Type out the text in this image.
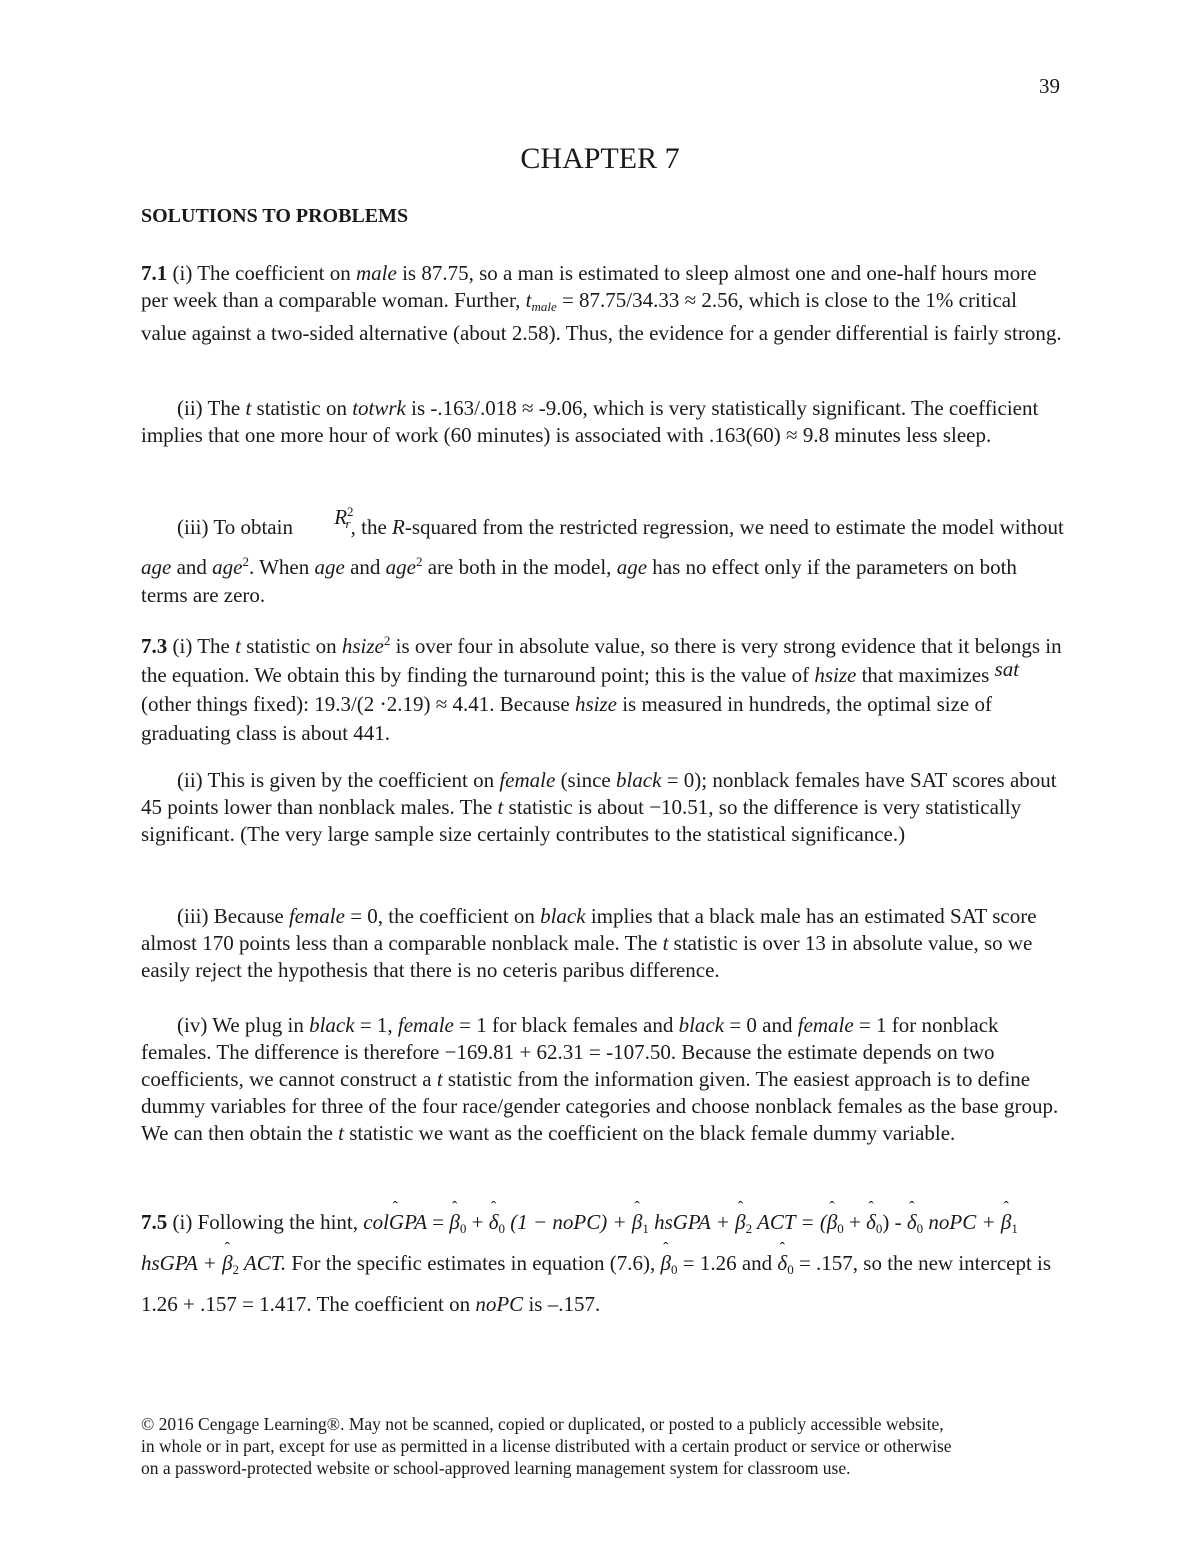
39
CHAPTER 7
SOLUTIONS TO PROBLEMS
7.1 (i) The coefficient on male is 87.75, so a man is estimated to sleep almost one and one-half hours more per week than a comparable woman. Further, $t_{male} = 87.75/34.33 \approx 2.56$, which is close to the 1% critical value against a two-sided alternative (about 2.58). Thus, the evidence for a gender differential is fairly strong.
(ii) The t statistic on totwrk is -.163/.018 ≈ -9.06, which is very statistically significant. The coefficient implies that one more hour of work (60 minutes) is associated with .163(60) ≈ 9.8 minutes less sleep.
(iii) To obtain $R^2_r$, the R-squared from the restricted regression, we need to estimate the model without age and age$^2$. When age and age$^2$ are both in the model, age has no effect only if the parameters on both terms are zero.
7.3 (i) The t statistic on hsize$^2$ is over four in absolute value, so there is very strong evidence that it belongs in the equation. We obtain this by finding the turnaround point; this is the value of hsize that maximizes ˆ sat (other things fixed): 19.3/(2 ⋅2.19) ≈ 4.41. Because hsize is measured in hundreds, the optimal size of graduating class is about 441.
(ii) This is given by the coefficient on female (since black = 0); nonblack females have SAT scores about 45 points lower than nonblack males. The t statistic is about −10.51, so the difference is very statistically significant. (The very large sample size certainly contributes to the statistical significance.)
(iii) Because female = 0, the coefficient on black implies that a black male has an estimated SAT score almost 170 points less than a comparable nonblack male. The t statistic is over 13 in absolute value, so we easily reject the hypothesis that there is no ceteris paribus difference.
(iv) We plug in black = 1, female = 1 for black females and black = 0 and female = 1 for nonblack females. The difference is therefore −169.81 + 62.31 = -107.50. Because the estimate depends on two coefficients, we cannot construct a t statistic from the information given. The easiest approach is to define dummy variables for three of the four race/gender categories and choose nonblack females as the base group. We can then obtain the t statistic we want as the coefficient on the black female dummy variable.
7.5 (i) Following the hint, ˆ colGPA = ˆ $\beta_0$ + ˆ $\delta_0$ (1 − noPC) + ˆ $\beta_1$ hsGPA + ˆ $\beta_2$ ACT = (ˆ $\beta_0$ + ˆ $\delta_0$) - ˆ $\delta_0$ noPC + ˆ $\beta_1$ hsGPA + ˆ $\beta_2$ ACT. For the specific estimates in equation (7.6), ˆ $\beta_0 = 1.26$ and ˆ $\delta_0 = .157$, so the new intercept is 1.26 + .157 = 1.417. The coefficient on noPC is –.157.
© 2016 Cengage Learning®. May not be scanned, copied or duplicated, or posted to a publicly accessible website,
in whole or in part, except for use as permitted in a license distributed with a certain product or service or otherwise
on a password-protected website or school-approved learning management system for classroom use.
